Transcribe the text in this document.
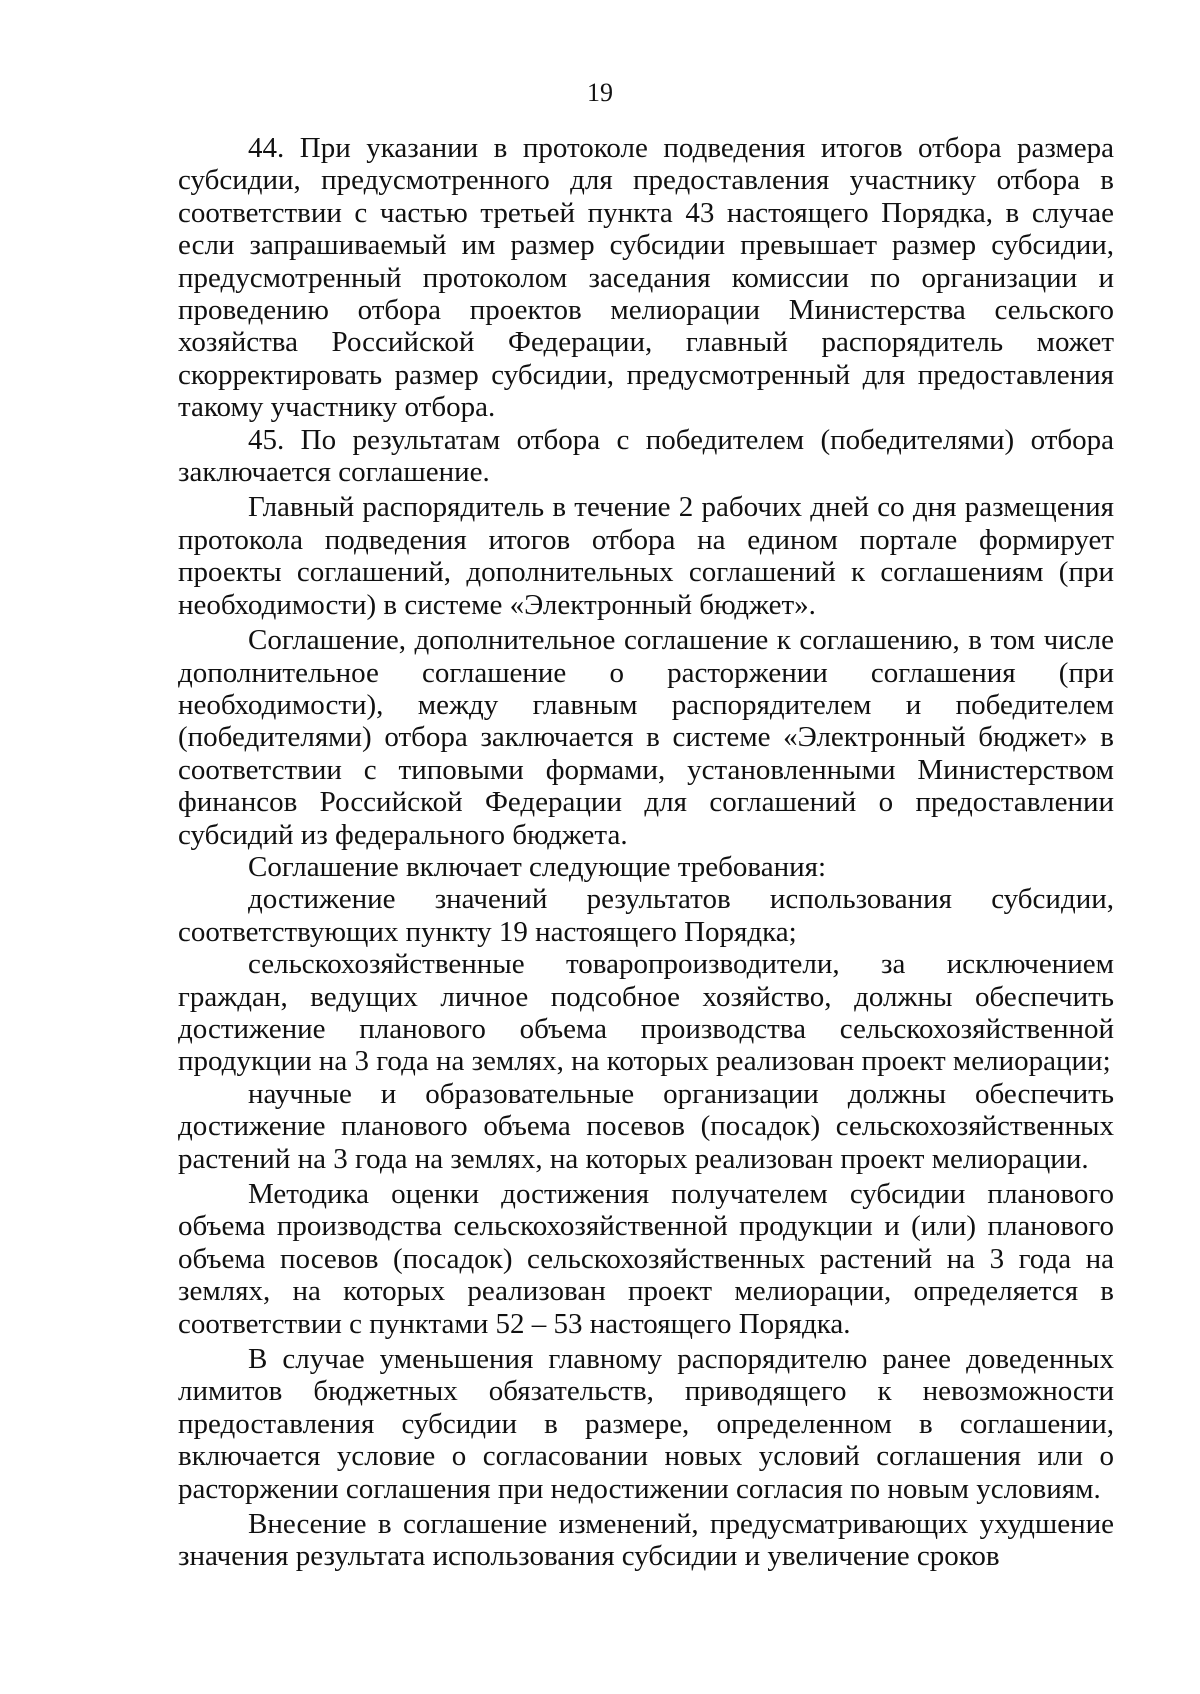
19

44. При указании в протоколе подведения итогов отбора размера субсидии, предусмотренного для предоставления участнику отбора в соответствии с частью третьей пункта 43 настоящего Порядка, в случае если запрашиваемый им размер субсидии превышает размер субсидии, предусмотренный протоколом заседания комиссии по организации и проведению отбора проектов мелиорации Министерства сельского хозяйства Российской Федерации, главный распорядитель может скорректировать размер субсидии, предусмотренный для предоставления такому участнику отбора.

45. По результатам отбора с победителем (победителями) отбора заключается соглашение.

Главный распорядитель в течение 2 рабочих дней со дня размещения протокола подведения итогов отбора на едином портале формирует проекты соглашений, дополнительных соглашений к соглашениям (при необходимости) в системе «Электронный бюджет».

Соглашение, дополнительное соглашение к соглашению, в том числе дополнительное соглашение о расторжении соглашения (при необходимости), между главным распорядителем и победителем (победителями) отбора заключается в системе «Электронный бюджет» в соответствии с типовыми формами, установленными Министерством финансов Российской Федерации для соглашений о предоставлении субсидий из федерального бюджета.

Соглашение включает следующие требования:

достижение значений результатов использования субсидии, соответствующих пункту 19 настоящего Порядка;

сельскохозяйственные товаропроизводители, за исключением граждан, ведущих личное подсобное хозяйство, должны обеспечить достижение планового объема производства сельскохозяйственной продукции на 3 года на землях, на которых реализован проект мелиорации;

научные и образовательные организации должны обеспечить достижение планового объема посевов (посадок) сельскохозяйственных растений на 3 года на землях, на которых реализован проект мелиорации.

Методика оценки достижения получателем субсидии планового объема производства сельскохозяйственной продукции и (или) планового объема посевов (посадок) сельскохозяйственных растений на 3 года на землях, на которых реализован проект мелиорации, определяется в соответствии с пунктами 52 – 53 настоящего Порядка.

В случае уменьшения главному распорядителю ранее доведенных лимитов бюджетных обязательств, приводящего к невозможности предоставления субсидии в размере, определенном в соглашении, включается условие о согласовании новых условий соглашения или о расторжении соглашения при недостижении согласия по новым условиям.

Внесение в соглашение изменений, предусматривающих ухудшение значения результата использования субсидии и увеличение сроков
